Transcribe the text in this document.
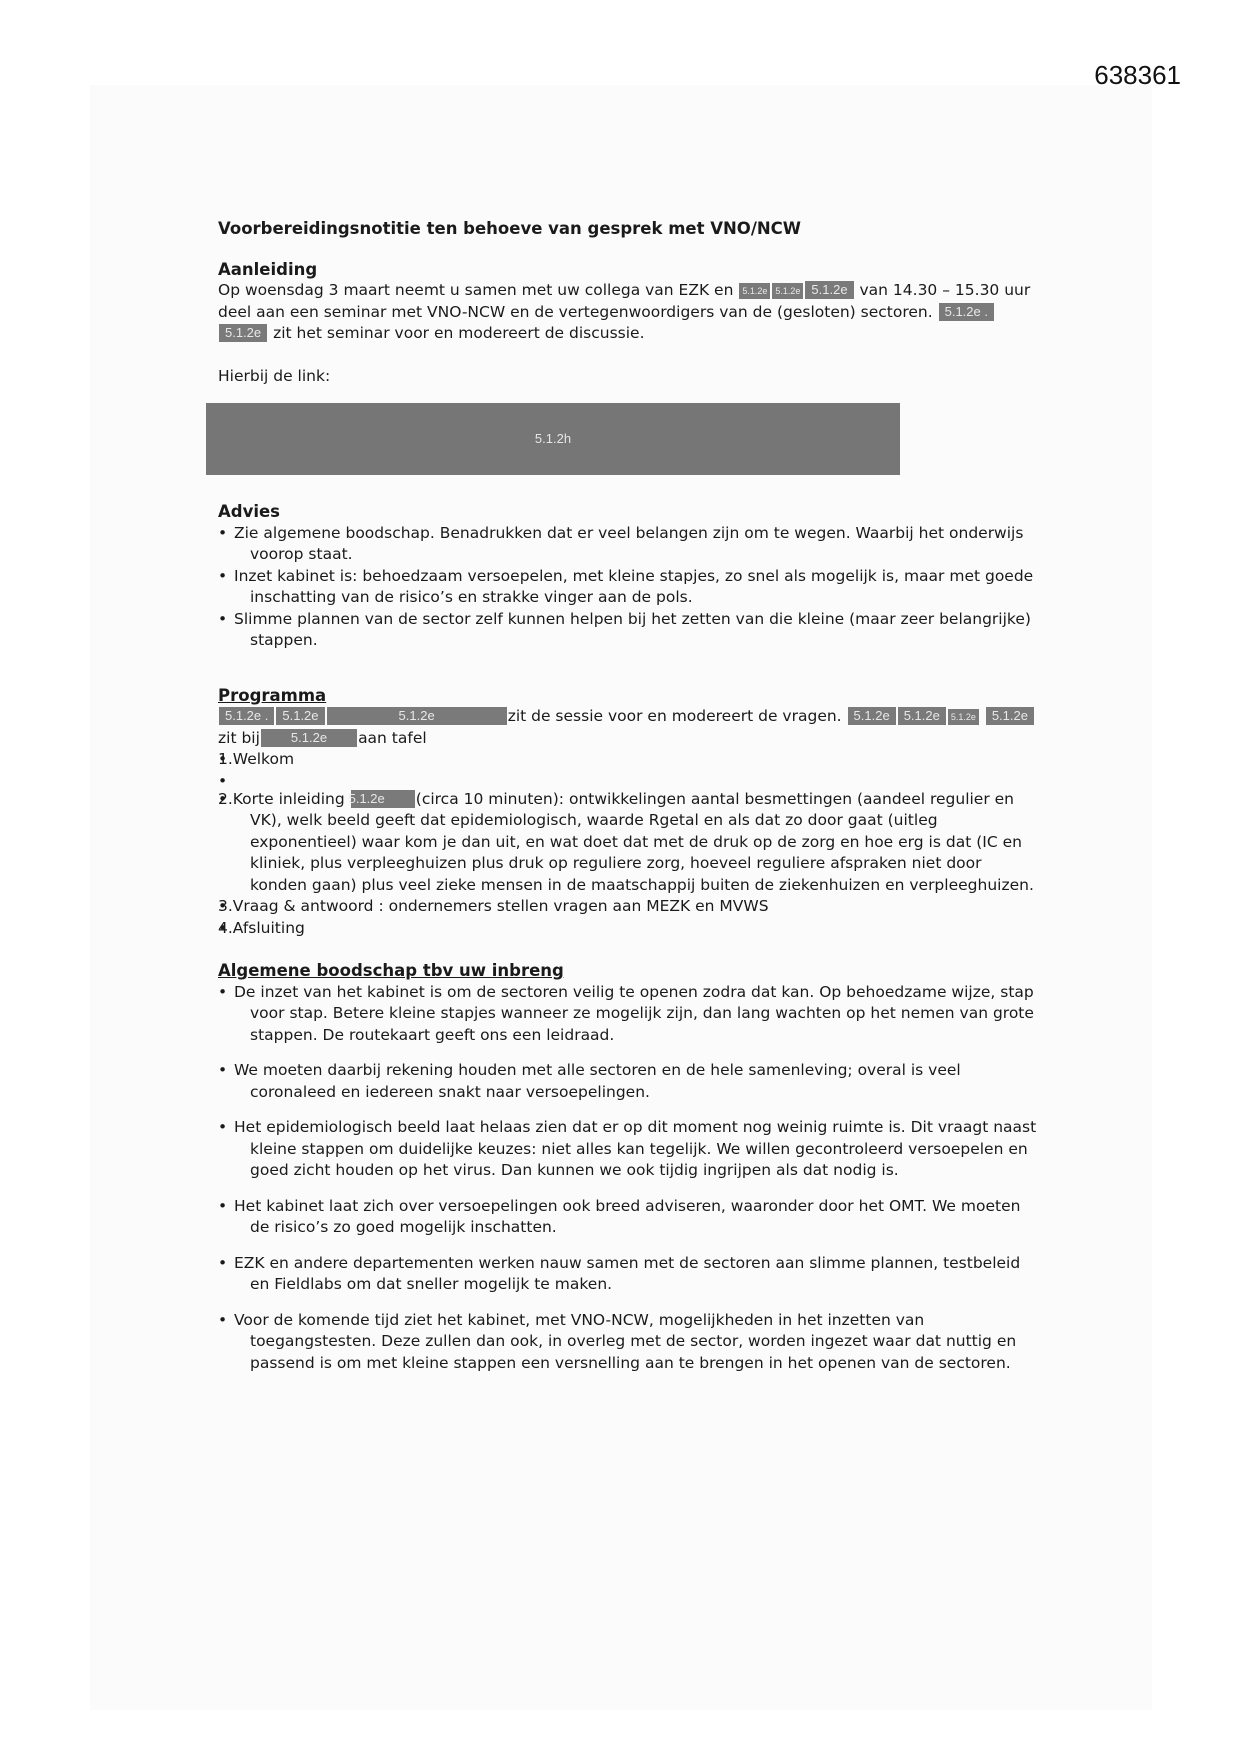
638361

Voorbereidingsnotitie ten behoeve van gesprek met VNO/NCW

Aanleiding

Op woensdag 3 maart neemt u samen met uw collega van EZK en 5.1.2e 5.1.2e 5.1.2e van 14.30 – 15.30 uur deel aan een seminar met VNO-NCW en de vertegenwoordigers van de (gesloten) sectoren. 5.1.2e .5.1.2e zit het seminar voor en modereert de discussie.

Hierbij de link:

5.1.2h

Advies

• Zie algemene boodschap. Benadrukken dat er veel belangen zijn om te wegen. Waarbij het onderwijs voorop staat.
• Inzet kabinet is: behoedzaam versoepelen, met kleine stapjes, zo snel als mogelijk is, maar met goede inschatting van de risico’s en strakke vinger aan de pols.
• Slimme plannen van de sector zelf kunnen helpen bij het zetten van die kleine (maar zeer belangrijke) stappen.

Programma

5.1.2e . 5.1.2e	5.1.2e	zit de sessie voor en modereert de vragen. 5.1.2e 5.1.2e 5.1.2e 5.1.2e zit bij 5.1.2e aan tafel

• 1.Welkom
•
• 2.Korte inleiding 5.1.2e (circa 10 minuten): ontwikkelingen aantal besmettingen (aandeel regulier en VK), welk beeld geeft dat epidemiologisch, waarde Rgetal en als dat zo door gaat (uitleg exponentieel) waar kom je dan uit, en wat doet dat met de druk op de zorg en hoe erg is dat (IC en kliniek, plus verpleeghuizen plus druk op reguliere zorg, hoeveel reguliere afspraken niet door konden gaan) plus veel zieke mensen in de maatschappij buiten de ziekenhuizen en verpleeghuizen.
• 3.Vraag & antwoord : ondernemers stellen vragen aan MEZK en MVWS
• 4.Afsluiting

Algemene boodschap tbv uw inbreng

• De inzet van het kabinet is om de sectoren veilig te openen zodra dat kan. Op behoedzame wijze, stap voor stap. Betere kleine stapjes wanneer ze mogelijk zijn, dan lang wachten op het nemen van grote stappen. De routekaart geeft ons een leidraad.
• We moeten daarbij rekening houden met alle sectoren en de hele samenleving; overal is veel coronaleed en iedereen snakt naar versoepelingen.
• Het epidemiologisch beeld laat helaas zien dat er op dit moment nog weinig ruimte is. Dit vraagt naast kleine stappen om duidelijke keuzes: niet alles kan tegelijk. We willen gecontroleerd versoepelen en goed zicht houden op het virus. Dan kunnen we ook tijdig ingrijpen als dat nodig is.
• Het kabinet laat zich over versoepelingen ook breed adviseren, waaronder door het OMT. We moeten de risico’s zo goed mogelijk inschatten.
• EZK en andere departementen werken nauw samen met de sectoren aan slimme plannen, testbeleid en Fieldlabs om dat sneller mogelijk te maken.
• Voor de komende tijd ziet het kabinet, met VNO-NCW, mogelijkheden in het inzetten van toegangstesten. Deze zullen dan ook, in overleg met de sector, worden ingezet waar dat nuttig en passend is om met kleine stappen een versnelling aan te brengen in het openen van de sectoren.
